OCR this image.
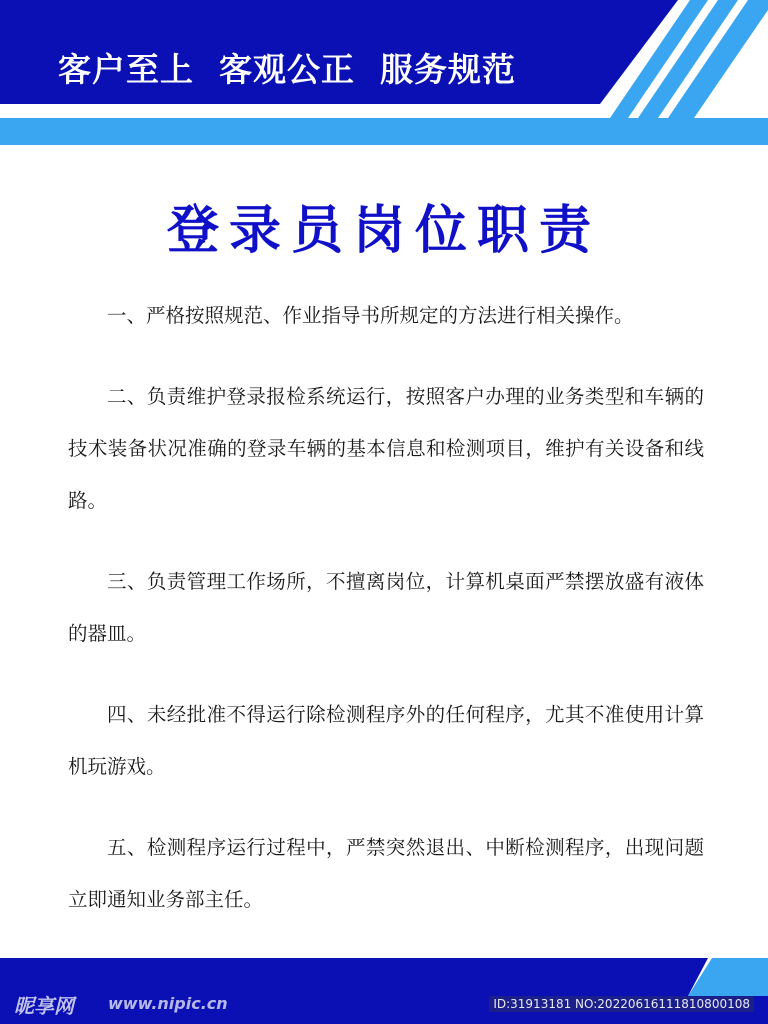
客户至上  客观公正  服务规范
登录员岗位职责

一、严格按照规范、作业指导书所规定的方法进行相关操作。

二、负责维护登录报检系统运行，按照客户办理的业务类型和车辆的技术装备状况准确的登录车辆的基本信息和检测项目，维护有关设备和线路。

三、负责管理工作场所，不擅离岗位，计算机桌面严禁摆放盛有液体的器皿。

四、未经批准不得运行除检测程序外的任何程序，尤其不准使用计算机玩游戏。

五、检测程序运行过程中，严禁突然退出、中断检测程序，出现问题立即通知业务部主任。

昵享网 www.nipic.cn	ID:31913181 NO:20220616111810800108
